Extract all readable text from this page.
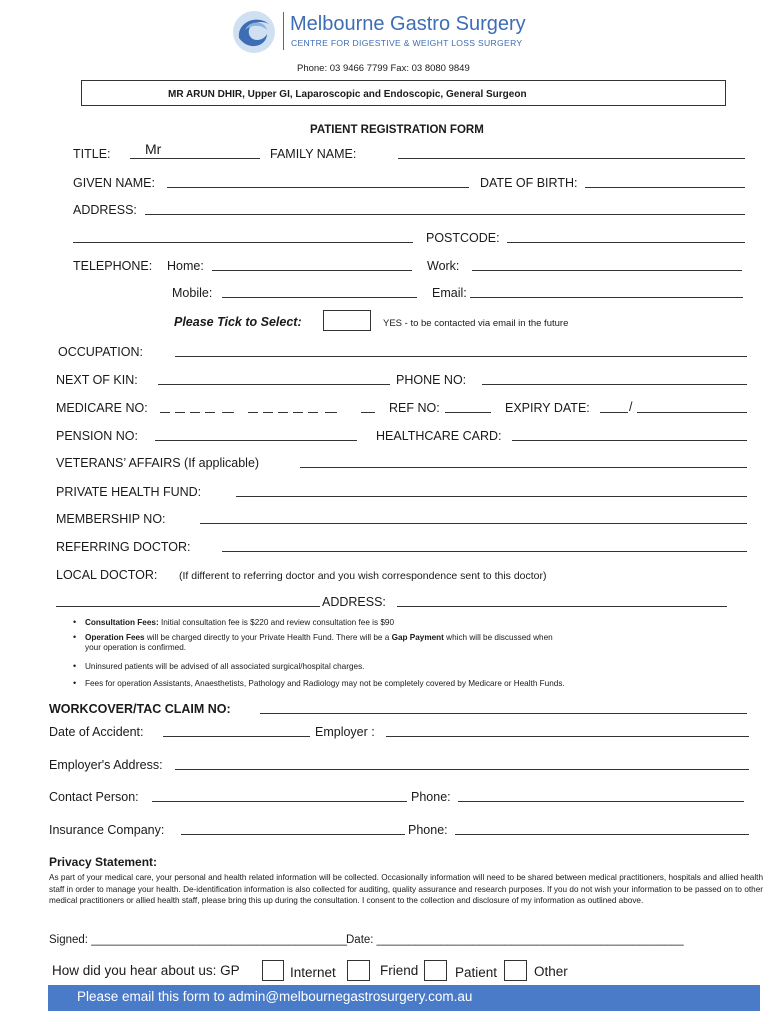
Melbourne Gastro Surgery
CENTRE FOR DIGESTIVE & WEIGHT LOSS SURGERY
Phone: 03 9466 7799 Fax: 03 8080 9849
MR ARUN DHIR, Upper GI, Laparoscopic and Endoscopic, General Surgeon
PATIENT REGISTRATION FORM
TITLE: Mr	FAMILY NAME:
GIVEN NAME:	DATE OF BIRTH:
ADDRESS:
POSTCODE:
TELEPHONE: Home:	Work:
Mobile:	Email:
Please Tick to Select:	YES - to be contacted via email in the future
OCCUPATION:
NEXT OF KIN:	PHONE NO:
MEDICARE NO:	REF NO:	EXPIRY DATE:	/
PENSION NO:	HEALTHCARE CARD:
VETERANS’ AFFAIRS (If applicable)
PRIVATE HEALTH FUND:
MEMBERSHIP NO:
REFERRING DOCTOR:
LOCAL DOCTOR: (If different to referring doctor and you wish correspondence sent to this doctor)
ADDRESS:
• Consultation Fees: Initial consultation fee is $220 and review consultation fee is $90
• Operation Fees will be charged directly to your Private Health Fund. There will be a Gap Payment which will be discussed when
your operation is confirmed.
• Uninsured patients will be advised of all associated surgical/hospital charges.
• Fees for operation Assistants, Anaesthetists, Pathology and Radiology may not be completely covered by Medicare or Health Funds.
WORKCOVER/TAC CLAIM NO:
Date of Accident:	Employer :
Employer's Address:
Contact Person:	Phone:
Insurance Company:	Phone:
Privacy Statement:
As part of your medical care, your personal and health related information will be collected. Occasionally information will need to be shared between medical practitioners, hospitals and allied health staff in order to manage your health. De-identification information is also collected for auditing, quality assurance and research purposes. If you do not wish your information to be passed on to other medical practitioners or allied health staff, please bring this up during the consultation. I consent to the collection and disclosure of my information as outlined above.
Signed: ________________________________________
Date: ________________________________________________
How did you hear about us: GP	Internet	Friend	Patient	Other
Please email this form to admin@melbournegastrosurgery.com.au
